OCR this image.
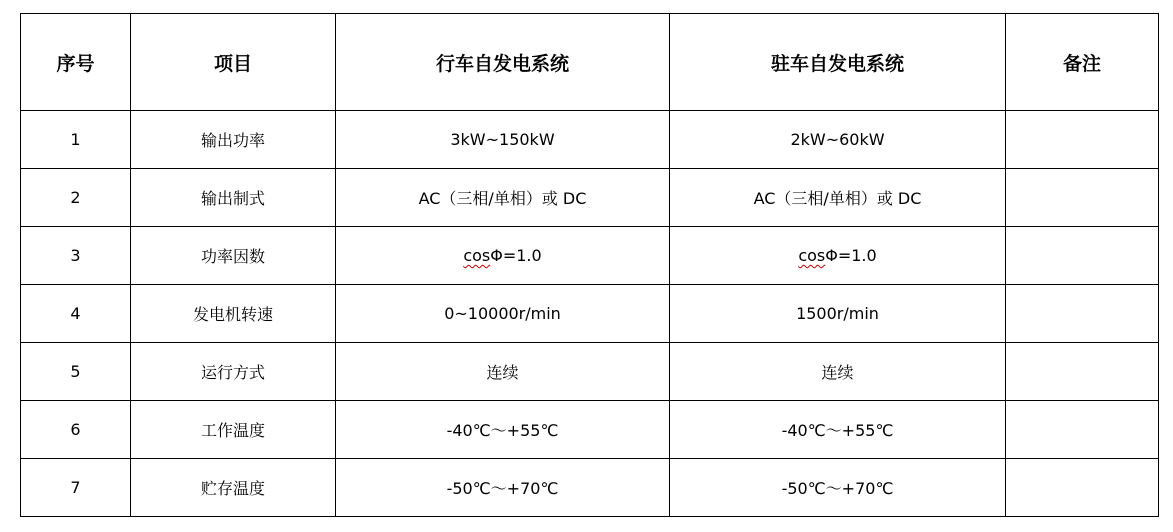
序号	项目	行车自发电系统	驻车自发电系统	备注
1	输出功率	3kW~150kW	2kW~60kW	
2	输出制式	AC（三相/单相）或 DC	AC（三相/单相）或 DC	
3	功率因数	cosΦ=1.0	cosΦ=1.0	
4	发电机转速	0~10000r/min	1500r/min	
5	运行方式	连续	连续	
6	工作温度	-40℃～+55℃	-40℃～+55℃	
7	贮存温度	-50℃～+70℃	-50℃～+70℃	
